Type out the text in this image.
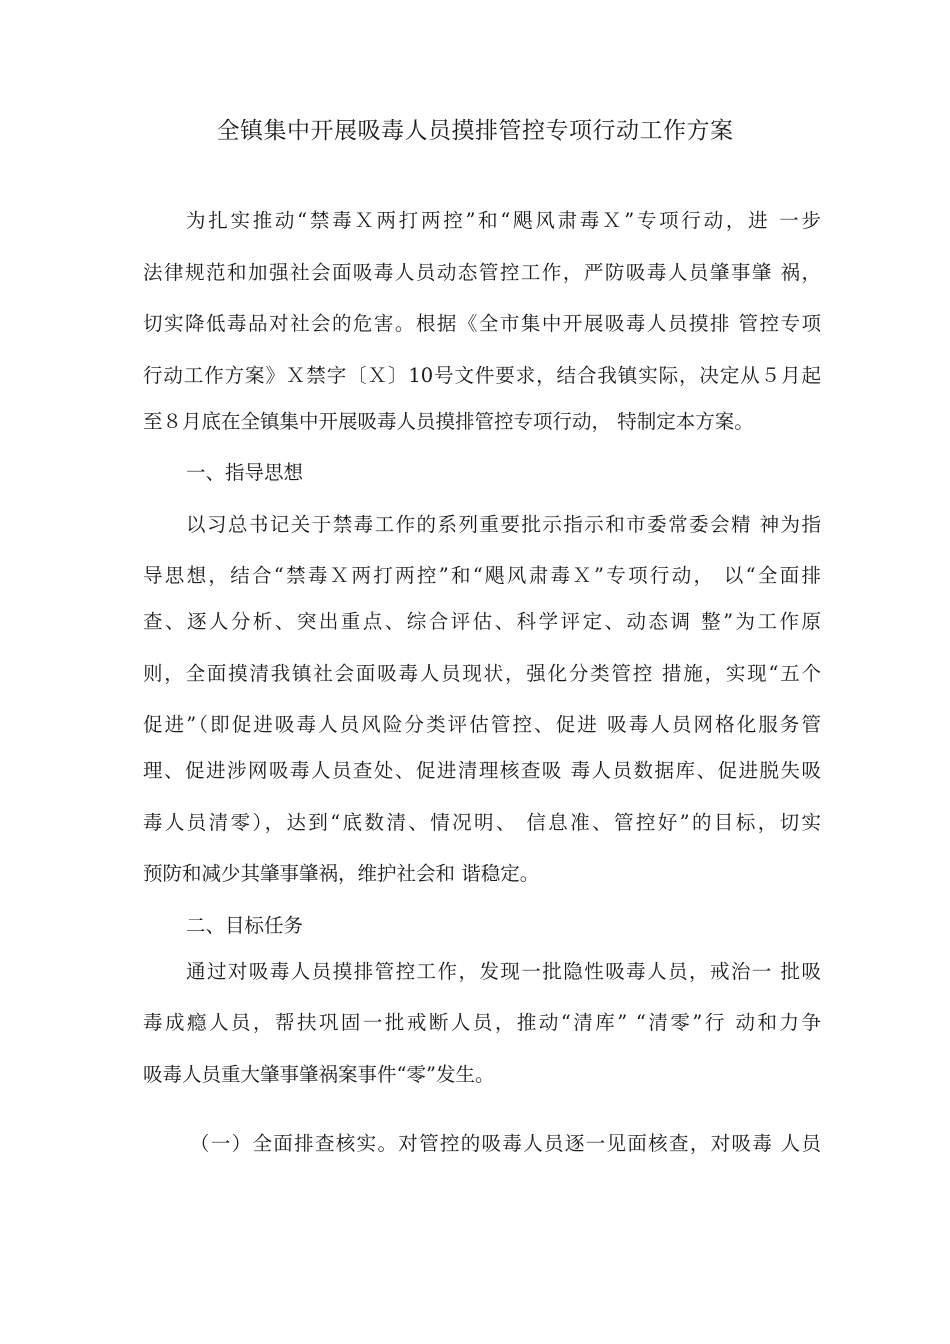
全镇集中开展吸毒人员摸排管控专项行动工作方案
为扎实推动“禁毒Ｘ两打两控”和“飓风肃毒Ｘ”专项行动，进 一步
法律规范和加强社会面吸毒人员动态管控工作，严防吸毒人员肇事肇 祸，
切实降低毒品对社会的危害。根据《全市集中开展吸毒人员摸排 管控专项
行动工作方案》Ｘ禁字〔Ｘ〕10号文件要求，结合我镇实际，决定从５月起
至８月底在全镇集中开展吸毒人员摸排管控专项行动， 特制定本方案。
一、指导思想
以习总书记关于禁毒工作的系列重要批示指示和市委常委会精 神为指
导思想，结合“禁毒Ｘ两打两控”和“飓风肃毒Ｘ”专项行动， 以“全面排
查、逐人分析、突出重点、综合评估、科学评定、动态调 整”为工作原
则，全面摸清我镇社会面吸毒人员现状，强化分类管控 措施，实现“五个
促进”（即促进吸毒人员风险分类评估管控、促进 吸毒人员网格化服务管
理、促进涉网吸毒人员查处、促进清理核查吸 毒人员数据库、促进脱失吸
毒人员清零），达到“底数清、情况明、 信息准、管控好”的目标，切实
预防和减少其肇事肇祸，维护社会和 谐稳定。
二、目标任务
通过对吸毒人员摸排管控工作，发现一批隐性吸毒人员，戒治一 批吸
毒成瘾人员，帮扶巩固一批戒断人员，推动“清库” “清零”行 动和力争
吸毒人员重大肇事肇祸案事件“零”发生。
（一）全面排查核实。对管控的吸毒人员逐一见面核查，对吸毒 人员
